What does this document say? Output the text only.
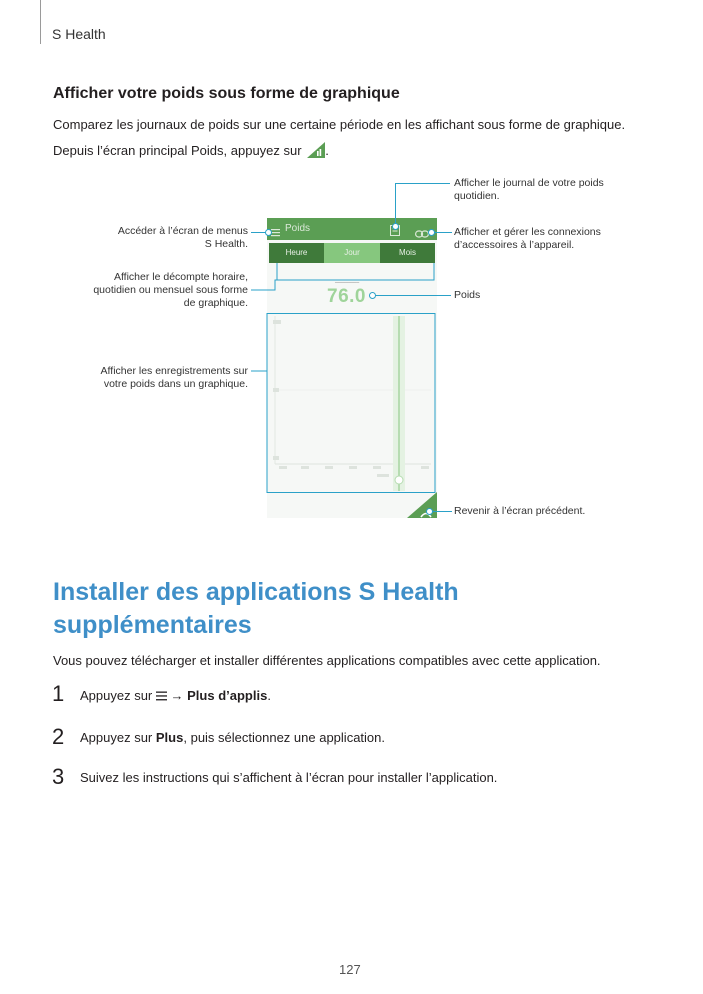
S Health
Afficher votre poids sous forme de graphique
Comparez les journaux de poids sur une certaine période en les affichant sous forme de graphique.
Depuis l’écran principal Poids, appuyez sur .
Poids
Heure	Jour	Mois
━━━━━━━━
76.0
Afficher le journal de votre poids
quotidien.
Accéder à l’écran de menus
S Health.
Afficher et gérer les connexions
d’accessoires à l’appareil.
Afficher le décompte horaire,
quotidien ou mensuel sous forme
de graphique.
Poids
Afficher les enregistrements sur
votre poids dans un graphique.
Revenir à l’écran précédent.
Installer des applications S Health
supplémentaires
Vous pouvez télécharger et installer différentes applications compatibles avec cette application.
1 Appuyez sur → Plus d’applis.
2 Appuyez sur Plus, puis sélectionnez une application.
3 Suivez les instructions qui s’affichent à l’écran pour installer l’application.
127
